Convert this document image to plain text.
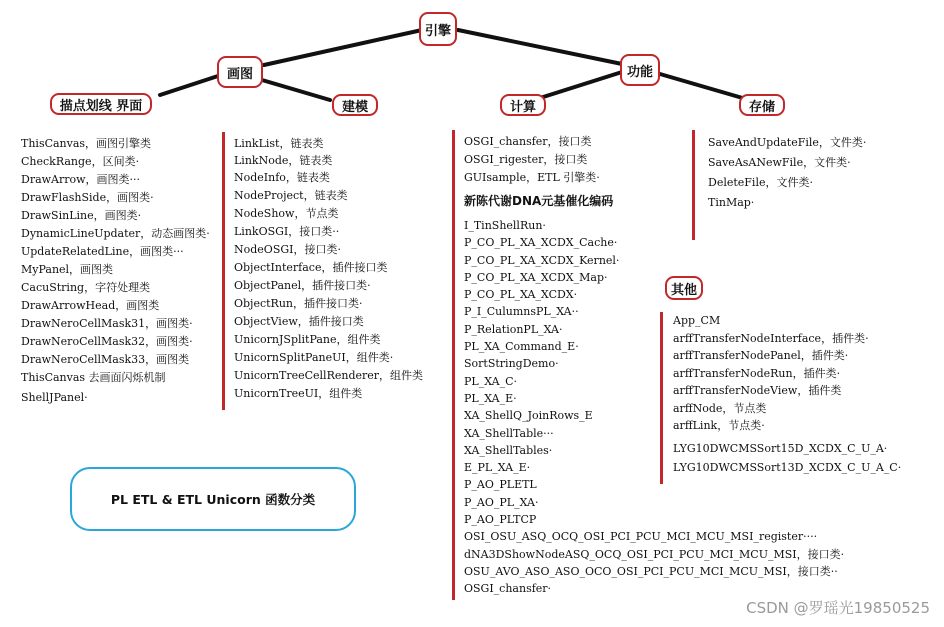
引擎
画图	功能
描点划线 界面	建模	计算	存储
其他
ThisCanvas，画图引擎类
CheckRange，区间类·
DrawArrow，画图类···
DrawFlashSide，画图类·
DrawSinLine，画图类·
DynamicLineUpdater，动态画图类·
UpdateRelatedLine，画图类···
MyPanel，画图类
CacuString，字符处理类
DrawArrowHead，画图类
DrawNeroCellMask31，画图类·
DrawNeroCellMask32，画图类·
DrawNeroCellMask33，画图类
ThisCanvas 去画面闪烁机制
ShellJPanel·
LinkList，链表类
LinkNode，链表类
NodeInfo，链表类
NodeProject，链表类
NodeShow，节点类
LinkOSGI，接口类··
NodeOSGI，接口类·
ObjectInterface，插件接口类
ObjectPanel，插件接口类·
ObjectRun，插件接口类·
ObjectView，插件接口类
UnicornJSplitPane，组件类
UnicornSplitPaneUI，组件类·
UnicornTreeCellRenderer，组件类
UnicornTreeUI，组件类
OSGI_chansfer，接口类
OSGI_rigester，接口类
GUIsample，ETL 引擎类·
新陈代谢DNA元基催化编码
I_TinShellRun·
P_CO_PL_XA_XCDX_Cache·
P_CO_PL_XA_XCDX_Kernel·
P_CO_PL_XA_XCDX_Map·
P_CO_PL_XA_XCDX·
P_I_CulumnsPL_XA··
P_RelationPL_XA·
PL_XA_Command_E·
SortStringDemo·
PL_XA_C·
PL_XA_E·
XA_ShellQ_JoinRows_E
XA_ShellTable···
XA_ShellTables·
E_PL_XA_E·
P_AO_PLETL
P_AO_PL_XA·
P_AO_PLTCP
OSI_OSU_ASQ_OCQ_OSI_PCI_PCU_MCI_MCU_MSI_register····
dNA3DShowNodeASQ_OCQ_OSI_PCI_PCU_MCI_MCU_MSI，接口类·
OSU_AVO_ASO_ASO_OCO_OSI_PCI_PCU_MCI_MCU_MSI，接口类··
OSGI_chansfer·
SaveAndUpdateFile，文件类·
SaveAsANewFile，文件类·
DeleteFile，文件类·
TinMap·
App_CM
arffTransferNodeInterface，插件类·
arffTransferNodePanel，插件类·
arffTransferNodeRun，插件类·
arffTransferNodeView，插件类
arffNode，节点类
arffLink，节点类·
LYG10DWCMSSort15D_XCDX_C_U_A·
LYG10DWCMSSort13D_XCDX_C_U_A_C·
PL ETL & ETL Unicorn 函数分类
CSDN @罗瑶光19850525
